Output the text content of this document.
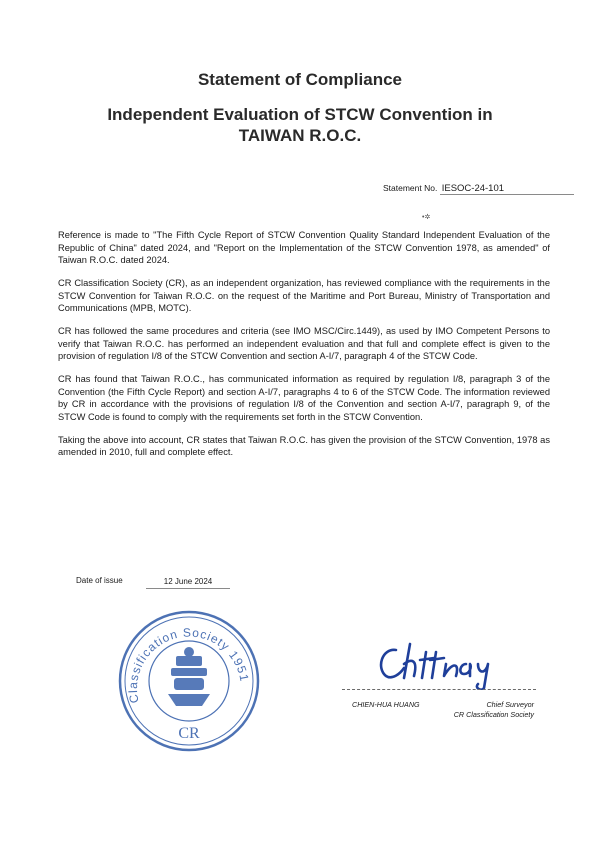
Statement of Compliance
Independent Evaluation of STCW Convention in
TAIWAN R.O.C.
Statement No. IESOC-24-101
•✲

Reference is made to "The Fifth Cycle Report of STCW Convention Quality Standard Independent Evaluation of the Republic of China" dated 2024, and "Report on the Implementation of the STCW Convention 1978, as amended" of Taiwan R.O.C. dated 2024.

CR Classification Society (CR), as an independent organization, has reviewed compliance with the requirements in the STCW Convention for Taiwan R.O.C. on the request of the Maritime and Port Bureau, Ministry of Transportation and Communications (MPB, MOTC).

CR has followed the same procedures and criteria (see IMO MSC/Circ.1449), as used by IMO Competent Persons to verify that Taiwan R.O.C. has performed an independent evaluation and that full and complete effect is given to the provision of regulation I/8 of the STCW Convention and section A-I/7, paragraph 4 of the STCW Code.

CR has found that Taiwan R.O.C., has communicated information as required by regulation I/8, paragraph 3 of the Convention (the Fifth Cycle Report) and section A-I/7, paragraphs 4 to 6 of the STCW Code. The information reviewed by CR in accordance with the provisions of regulation I/8 of the Convention and section A-I/7, paragraph 9, of the STCW Code is found to comply with the requirements set forth in the STCW Convention.

Taking the above into account, CR states that Taiwan R.O.C. has given the provision of the STCW Convention, 1978 as amended in 2010, full and complete effect.

Date of issue	12 June 2024
Classification Society 1951
CR
CHIEN-HUA HUANG	Chief Surveyor
CR Classification Society
